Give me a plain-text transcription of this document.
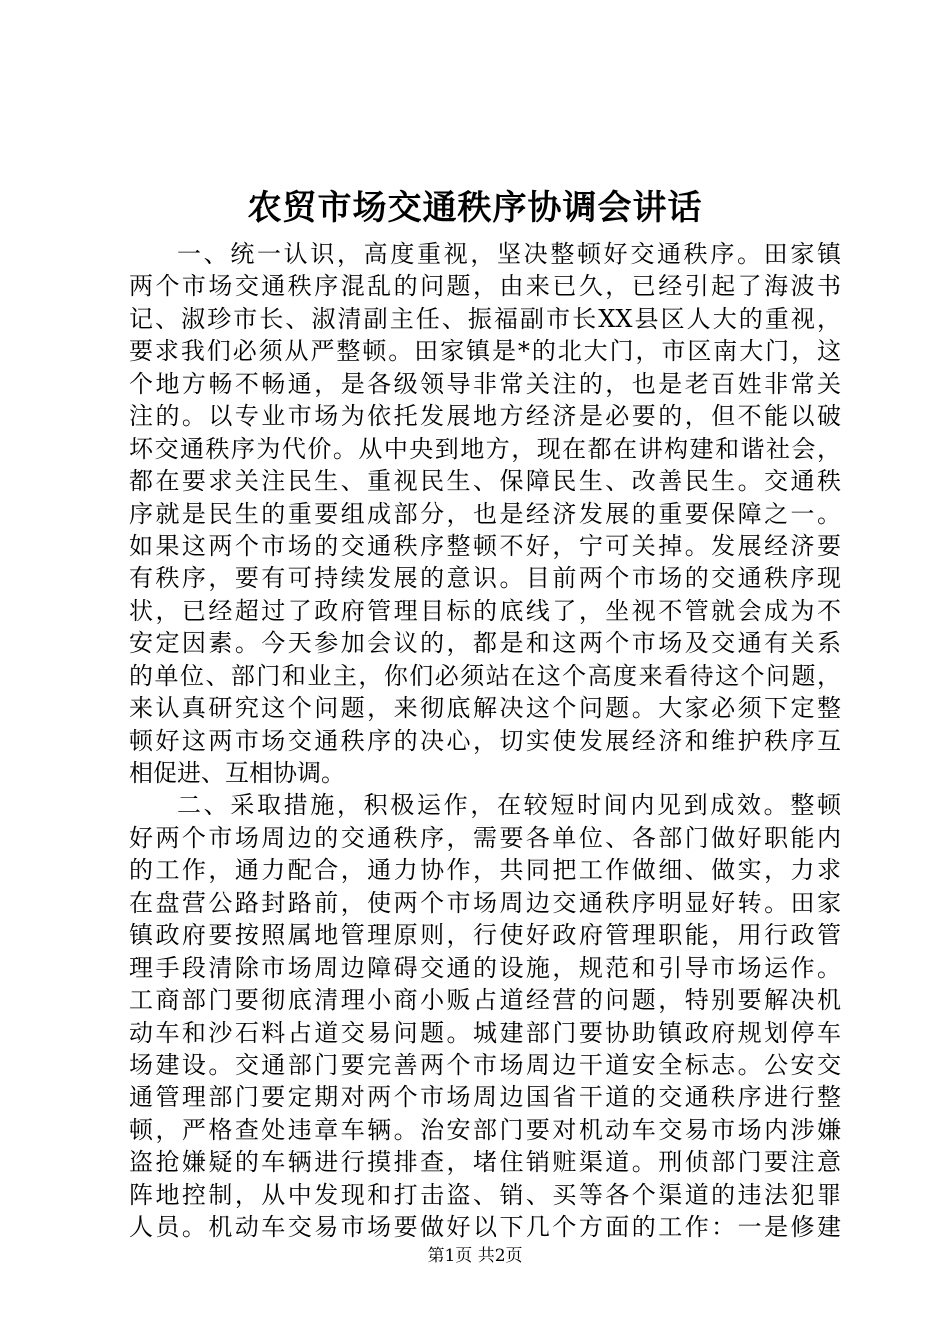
农贸市场交通秩序协调会讲话
一、统一认识，高度重视，坚决整顿好交通秩序。田家镇
两个市场交通秩序混乱的问题，由来已久，已经引起了海波书
记、淑珍市长、淑清副主任、振福副市长XX县区人大的重视，
要求我们必须从严整顿。田家镇是*的北大门，市区南大门，这
个地方畅不畅通，是各级领导非常关注的，也是老百姓非常关
注的。以专业市场为依托发展地方经济是必要的，但不能以破
坏交通秩序为代价。从中央到地方，现在都在讲构建和谐社会，
都在要求关注民生、重视民生、保障民生、改善民生。交通秩
序就是民生的重要组成部分，也是经济发展的重要保障之一。
如果这两个市场的交通秩序整顿不好，宁可关掉。发展经济要
有秩序，要有可持续发展的意识。目前两个市场的交通秩序现
状，已经超过了政府管理目标的底线了，坐视不管就会成为不
安定因素。今天参加会议的，都是和这两个市场及交通有关系
的单位、部门和业主，你们必须站在这个高度来看待这个问题，
来认真研究这个问题，来彻底解决这个问题。大家必须下定整
顿好这两市场交通秩序的决心，切实使发展经济和维护秩序互
相促进、互相协调。
二、采取措施，积极运作，在较短时间内见到成效。整顿
好两个市场周边的交通秩序，需要各单位、各部门做好职能内
的工作，通力配合，通力协作，共同把工作做细、做实，力求
在盘营公路封路前，使两个市场周边交通秩序明显好转。田家
镇政府要按照属地管理原则，行使好政府管理职能，用行政管
理手段清除市场周边障碍交通的设施，规范和引导市场运作。
工商部门要彻底清理小商小贩占道经营的问题，特别要解决机
动车和沙石料占道交易问题。城建部门要协助镇政府规划停车
场建设。交通部门要完善两个市场周边干道安全标志。公安交
通管理部门要定期对两个市场周边国省干道的交通秩序进行整
顿，严格查处违章车辆。治安部门要对机动车交易市场内涉嫌
盗抢嫌疑的车辆进行摸排查，堵住销赃渠道。刑侦部门要注意
阵地控制，从中发现和打击盗、销、买等各个渠道的违法犯罪
人员。机动车交易市场要做好以下几个方面的工作：一是修建
第1页 共2页
